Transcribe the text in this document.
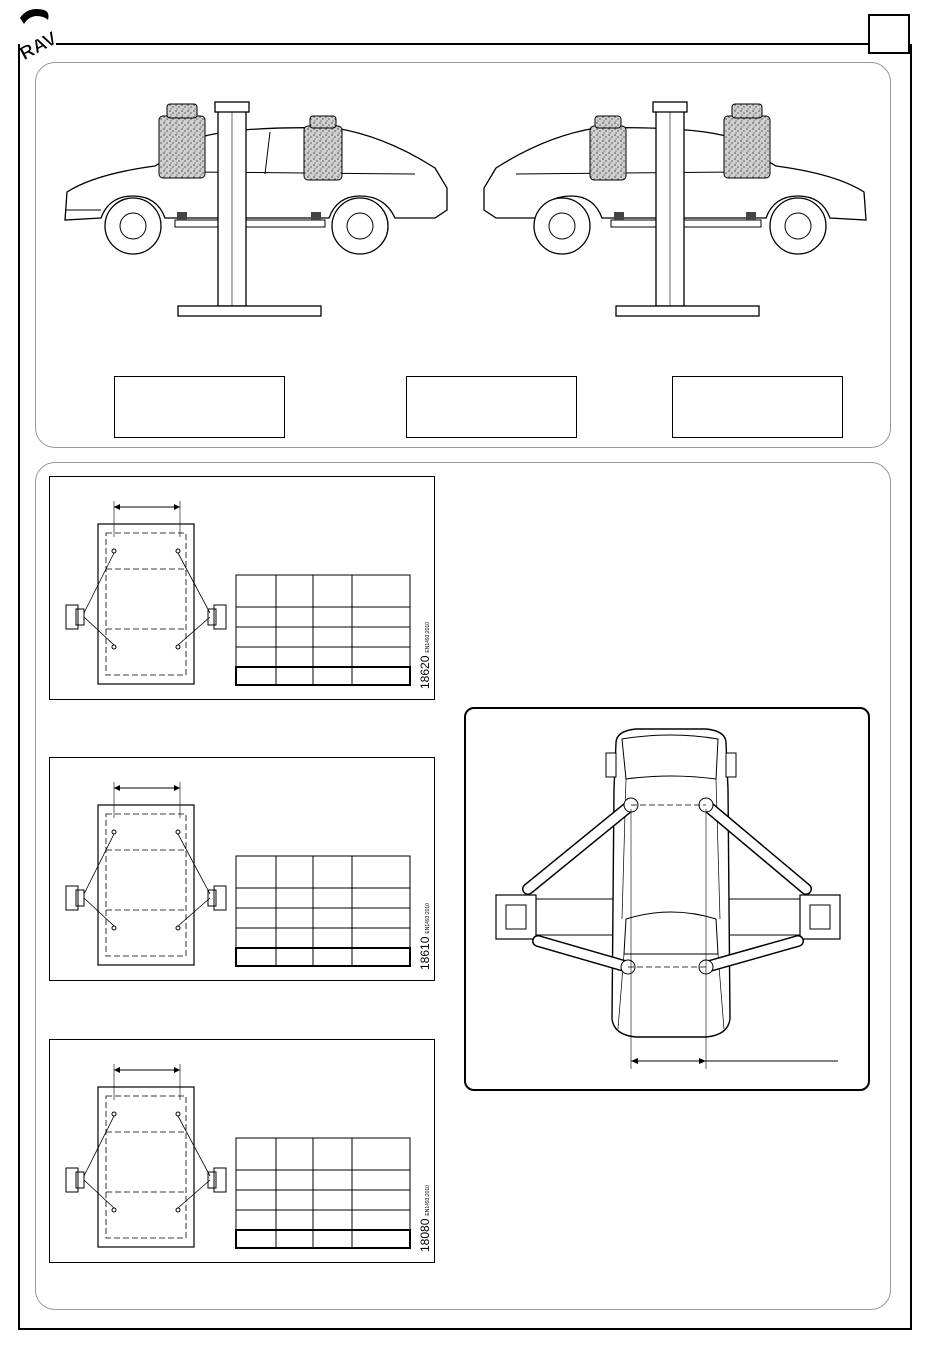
RAV
18620EN1493:2010
18610EN1493:2010
18080EN1493:2010
